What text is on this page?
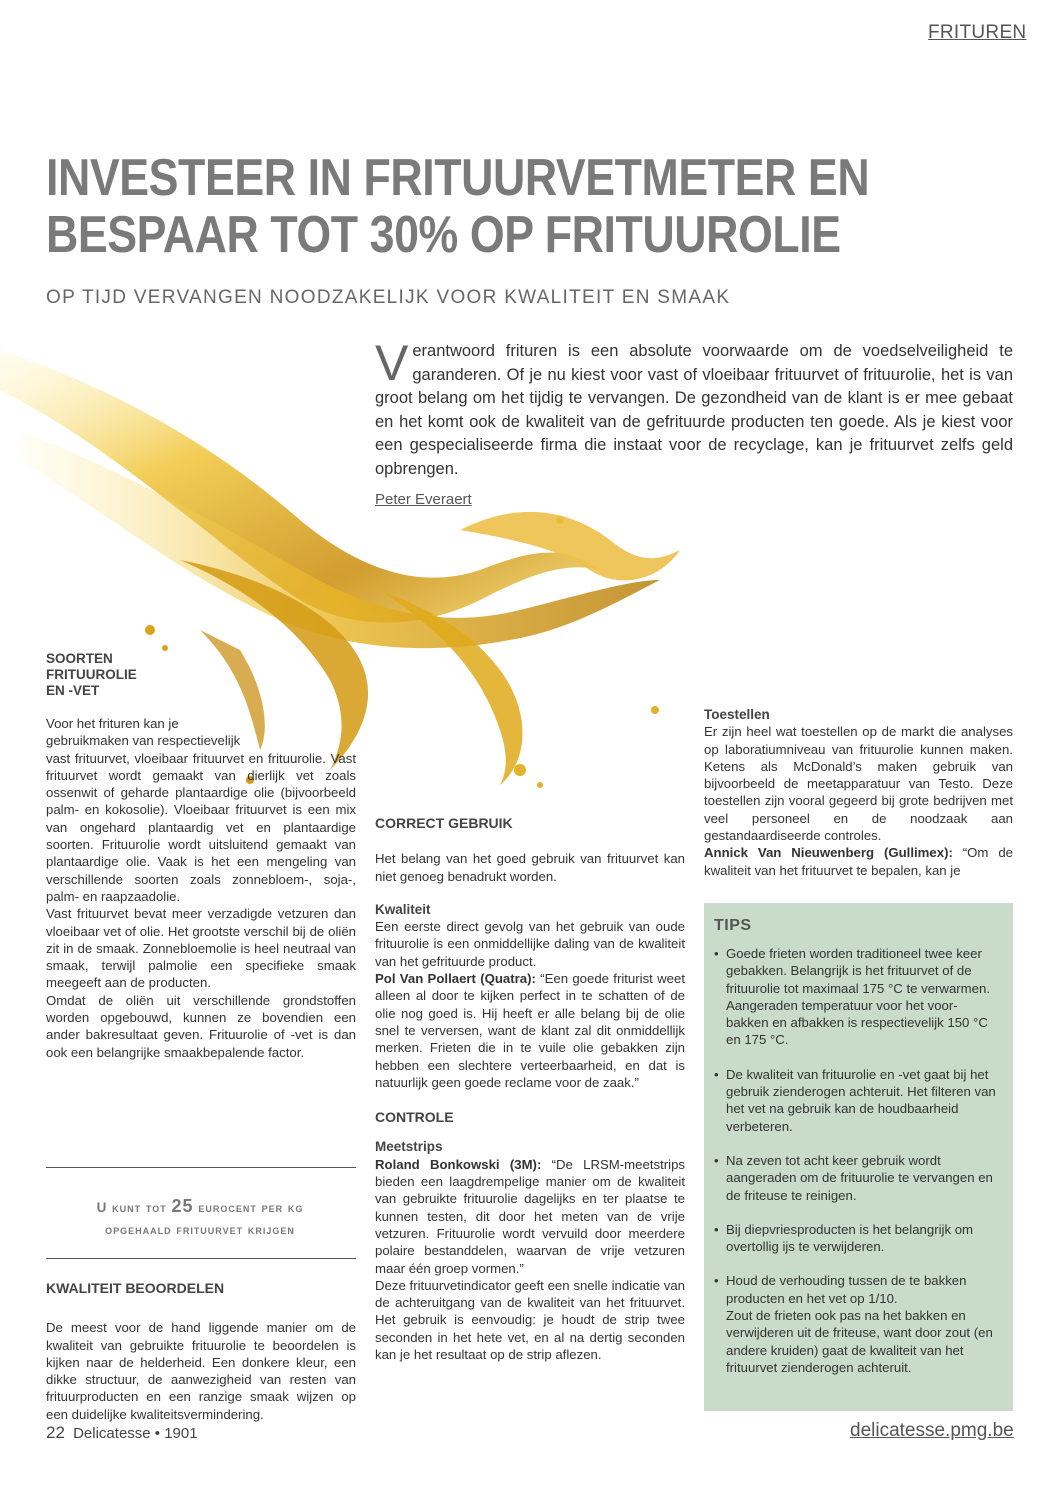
FRITUREN
INVESTEER IN FRITUURVETMETER EN
BESPAAR TOT 30% OP FRITUUROLIE
OP TIJD VERVANGEN NOODZAKELIJK VOOR KWALITEIT EN SMAAK

Verantwoord frituren is een absolute voorwaarde om de voedselveiligheid te garanderen. Of je nu kiest voor vast of vloeibaar frituurvet of frituurolie, het is van groot belang om het tijdig te vervangen. De gezondheid van de klant is er mee gebaat en het komt ook de kwaliteit van de gefrituurde producten ten goede. Als je kiest voor een gespecialiseerde firma die instaat voor de recyclage, kan je frituurvet zelfs geld opbrengen.

Peter Everaert

SOORTEN
FRITUUROLIE
EN -VET

Voor het frituren kan je

gebruikmaken van respectievelijk

vast frituurvet, vloeibaar frituurvet en frituurolie. Vast frituurvet wordt gemaakt van dierlijk vet zoals ossenwit of geharde plantaardige olie (bijvoorbeeld palm- en kokosolie). Vloeibaar frituurvet is een mix van ongehard plantaardig vet en plantaardige soorten. Frituurolie wordt uitsluitend gemaakt van plantaardige olie. Vaak is het een mengeling van verschillende soorten zoals zonnebloem-, soja-, palm- en raapzaadolie.

Vast frituurvet bevat meer verzadigde vetzuren dan vloeibaar vet of olie. Het grootste verschil bij de oliën zit in de smaak. Zonnebloemolie is heel neutraal van smaak, terwijl palmolie een specifieke smaak meegeeft aan de producten.

Omdat de oliën uit verschillende grondstoffen worden opgebouwd, kunnen ze bovendien een ander bakresultaat geven. Frituurolie of -vet is dan ook een belangrijke smaakbepalende factor.

U kunt tot 25 eurocent per kg
opgehaald frituurvet krijgen

KWALITEIT BEOORDELEN

De meest voor de hand liggende manier om de kwaliteit van gebruikte frituurolie te beoordelen is kijken naar de helderheid. Een donkere kleur, een dikke structuur, de aanwezigheid van resten van frituurproducten en een ranzige smaak wijzen op een duidelijke kwaliteitsvermindering.

CORRECT GEBRUIK

Het belang van het goed gebruik van frituurvet kan niet genoeg benadrukt worden.

Kwaliteit

Een eerste direct gevolg van het gebruik van oude frituurolie is een onmiddellijke daling van de kwaliteit van het gefrituurde product.

Pol Van Pollaert (Quatra): “Een goede friturist weet alleen al door te kijken perfect in te schatten of de olie nog goed is. Hij heeft er alle belang bij de olie snel te verversen, want de klant zal dit onmiddellijk merken. Frieten die in te vuile olie gebakken zijn hebben een slechtere verteerbaarheid, en dat is natuurlijk geen goede reclame voor de zaak.”

CONTROLE

Meetstrips

Roland Bonkowski (3M): “De LRSM-meetstrips bieden een laagdrempelige manier om de kwaliteit van gebruikte frituurolie dagelijks en ter plaatse te kunnen testen, dit door het meten van de vrije vetzuren. Frituurolie wordt vervuild door meerdere polaire bestanddelen, waarvan de vrije vetzuren maar één groep vormen.”

Deze frituurvetindicator geeft een snelle indicatie van de achteruitgang van de kwaliteit van het frituurvet. Het gebruik is eenvoudig: je houdt de strip twee seconden in het hete vet, en al na dertig seconden kan je het resultaat op de strip aflezen.

Toestellen

Er zijn heel wat toestellen op de markt die analyses op laboratiumniveau van frituurolie kunnen maken. Ketens als McDonald’s maken gebruik van bijvoorbeeld de meetapparatuur van Testo. Deze toestellen zijn vooral gegeerd bij grote bedrijven met veel personeel en de noodzaak aan gestandaardiseerde controles.

Annick Van Nieuwenberg (Gullimex): “Om de kwaliteit van het frituurvet te bepalen, kan je

TIPS

• Goede frieten worden traditioneel twee keer gebakken. Belangrijk is het frituurvet of de frituurolie tot maximaal 175 °C te verwarmen.
Aangeraden temperatuur voor het voor-bakken en afbakken is respectievelijk 150 °C en 175 °C.
• De kwaliteit van frituurolie en -vet gaat bij het gebruik zienderogen achteruit. Het filteren van het vet na gebruik kan de houdbaarheid verbeteren.
• Na zeven tot acht keer gebruik wordt aangeraden om de frituurolie te vervangen en de friteuse te reinigen.
• Bij diepvriesproducten is het belangrijk om overtollig ijs te verwijderen.
• Houd de verhouding tussen de te bakken producten en het vet op 1/10.
Zout de frieten ook pas na het bakken en verwijderen uit de friteuse, want door zout (en andere kruiden) gaat de kwaliteit van het frituurvet zienderogen achteruit.
22 Delicatesse • 1901	delicatesse.pmg.be
